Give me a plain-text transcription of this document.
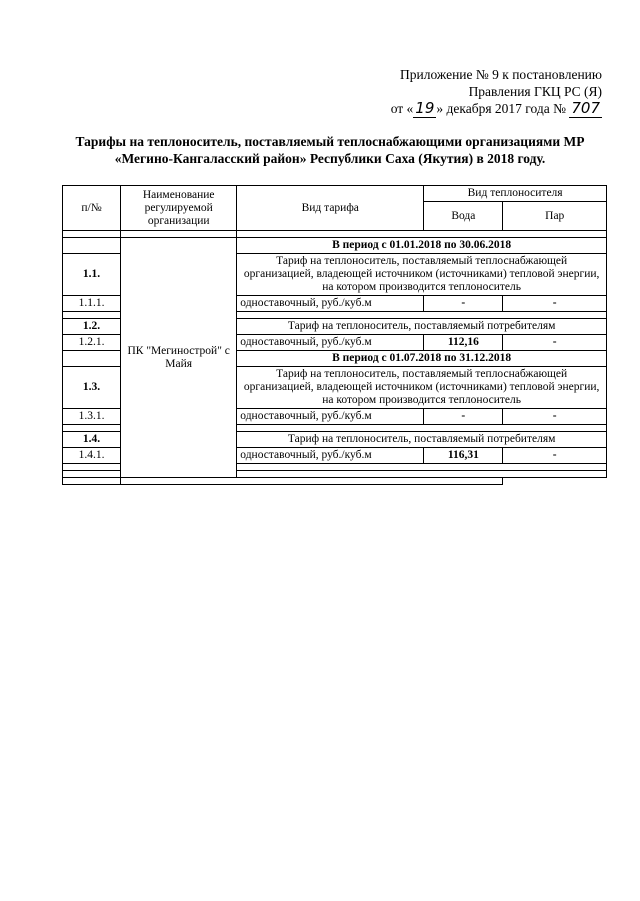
Приложение № 9 к постановлению
Правления ГКЦ РС (Я)
от « 19 » декабря 2017 года № 707
Тарифы на теплоноситель, поставляемый теплоснабжающими организациями МР
«Мегино-Кангаласский район» Республики Саха (Якутия) в 2018 году.
п/№	Наименование регулируемой организации	Вид тарифа	Вид теплоносителя	
			Вода	Пар

	ПК "Мегинострой" с Майя	В период с 01.01.2018 по 30.06.2018		
1.1.		Тариф на теплоноситель, поставляемый теплоснабжающей организацией, владеющей источником (источниками) тепловой энергии, на котором производится теплоноситель		
1.1.1.		одноставочный, руб./куб.м	-	-

1.2.		Тариф на теплоноситель, поставляемый потребителям		
1.2.1.		одноставочный, руб./куб.м	112,16	-
		В период с 01.07.2018 по 31.12.2018		
1.3.		Тариф на теплоноситель, поставляемый теплоснабжающей организацией, владеющей источником (источниками) тепловой энергии, на котором производится теплоноситель		
1.3.1.		одноставочный, руб./куб.м	-	-

1.4.		Тариф на теплоноситель, поставляемый потребителям		
1.4.1.		одноставочный, руб./куб.м	116,31	-
